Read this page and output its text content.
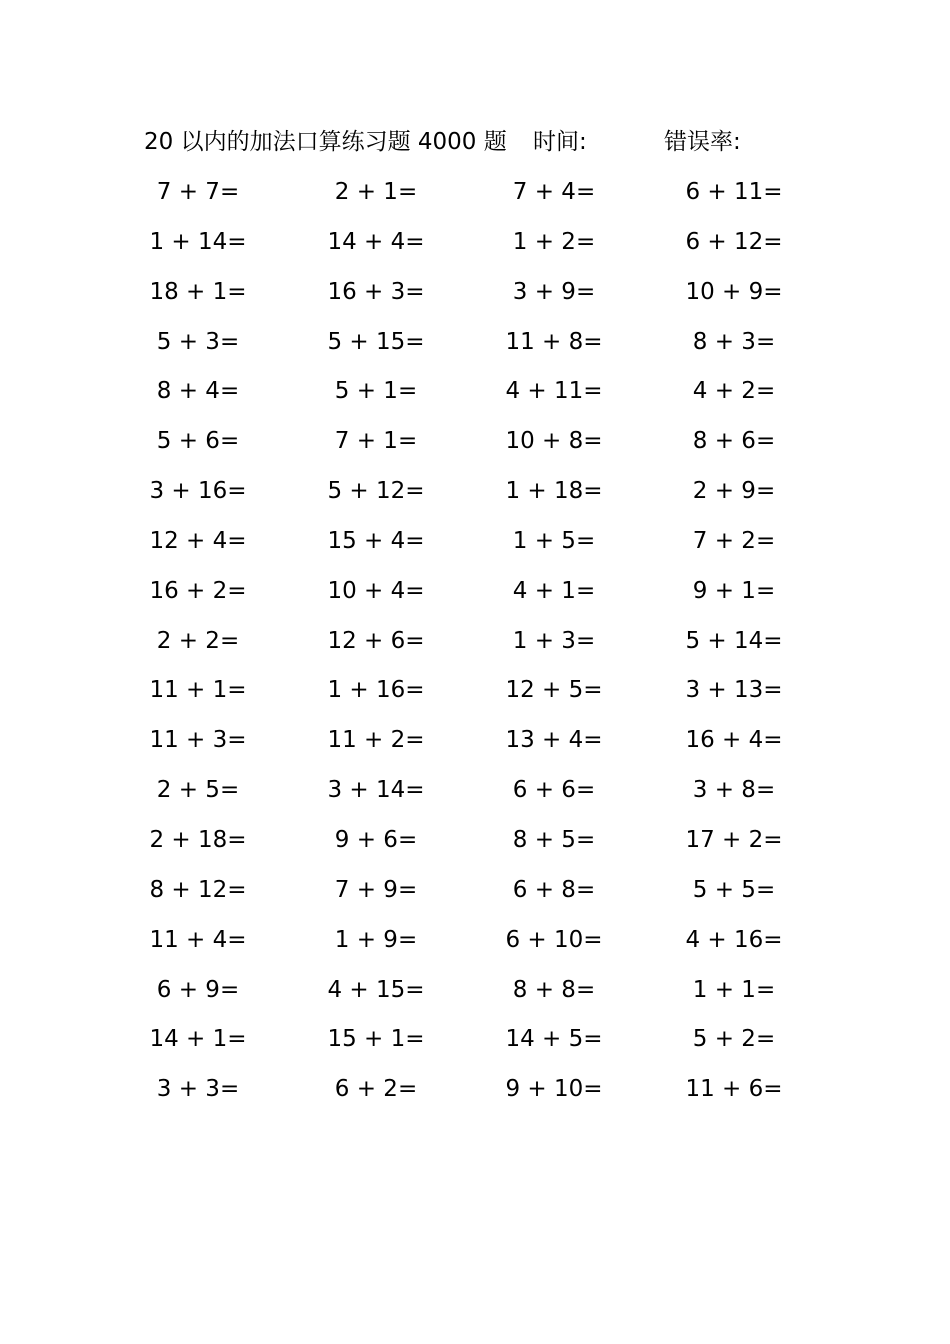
20 以内的加法口算练习题 4000 题 时间:	错误率:
7 + 7=	2 + 1=	7 + 4=	6 + 11=
1 + 14=	14 + 4=	1 + 2=	6 + 12=
18 + 1=	16 + 3=	3 + 9=	10 + 9=
5 + 3=	5 + 15=	11 + 8=	8 + 3=
8 + 4=	5 + 1=	4 + 11=	4 + 2=
5 + 6=	7 + 1=	10 + 8=	8 + 6=
3 + 16=	5 + 12=	1 + 18=	2 + 9=
12 + 4=	15 + 4=	1 + 5=	7 + 2=
16 + 2=	10 + 4=	4 + 1=	9 + 1=
2 + 2=	12 + 6=	1 + 3=	5 + 14=
11 + 1=	1 + 16=	12 + 5=	3 + 13=
11 + 3=	11 + 2=	13 + 4=	16 + 4=
2 + 5=	3 + 14=	6 + 6=	3 + 8=
2 + 18=	9 + 6=	8 + 5=	17 + 2=
8 + 12=	7 + 9=	6 + 8=	5 + 5=
11 + 4=	1 + 9=	6 + 10=	4 + 16=
6 + 9=	4 + 15=	8 + 8=	1 + 1=
14 + 1=	15 + 1=	14 + 5=	5 + 2=
3 + 3=	6 + 2=	9 + 10=	11 + 6=
